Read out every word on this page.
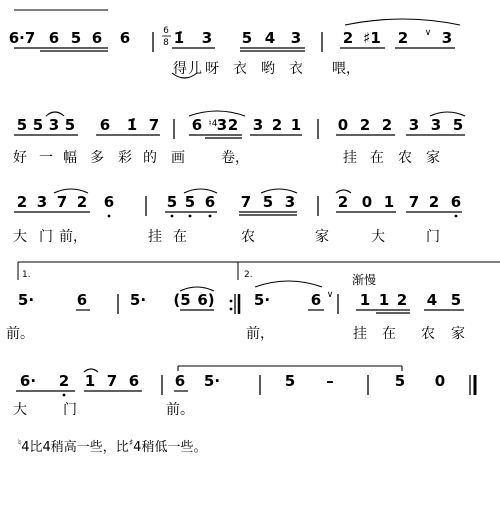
6·7 6 5 6 6	6
8 1̇ 3 5 4 3	2 ♯1 2 ∨ 3
得 儿 呀 衣 哟 衣 喂，
5 5 3 5 6 1̇ 7 6 ♮4 3 2 3 2 1 0 2 2 3 3 5
好 一 幅 多 彩 的 画	卷，	挂 在 农 家
2 3 7 2 6	5 5 6 7 5 3	2 0 1 7 2 6
大 门 前，	挂 在	农	家	大	门
1.	2.	渐慢
5·	6	5· (5 6)	5·	6 ∨ 1 1 2 4 5
前。	前，	挂 在 农 家
6· 2 1 7 6 6 5·	5 –	5 0
大	门	前。
♮4比4稍高一些，比♯4稍低一些。
